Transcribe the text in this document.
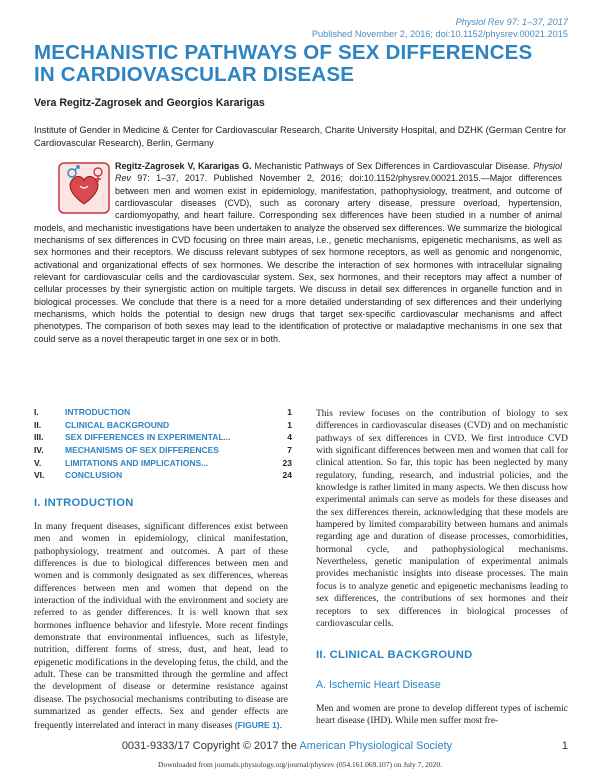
Physiol Rev 97: 1–37, 2017
Published November 2, 2016; doi:10.1152/physrev.00021.2015
MECHANISTIC PATHWAYS OF SEX DIFFERENCES
IN CARDIOVASCULAR DISEASE
Vera Regitz-Zagrosek and Georgios Kararigas
Institute of Gender in Medicine & Center for Cardiovascular Research, Charite University Hospital, and DZHK (German Centre for Cardiovascular Research), Berlin, Germany
Regitz-Zagrosek V, Kararigas G. Mechanistic Pathways of Sex Differences in Cardiovascular Disease. Physiol Rev 97: 1–37, 2017. Published November 2, 2016; doi:10.1152/physrev.00021.2015.—Major differences between men and women exist in epidemiology, manifestation, pathophysiology, treatment, and outcome of cardiovascular diseases (CVD), such as coronary artery disease, pressure overload, hypertension, cardiomyopathy, and heart failure. Corresponding sex differences have been studied in a number of animal models, and mechanistic investigations have been undertaken to analyze the observed sex differences. We summarize the biological mechanisms of sex differences in CVD focusing on three main areas, i.e., genetic mechanisms, epigenetic mechanisms, as well as sex hormones and their receptors. We discuss relevant subtypes of sex hormone receptors, as well as genomic and nongenomic, activational and organizational effects of sex hormones. We describe the interaction of sex hormones with intracellular signaling relevant for cardiovascular cells and the cardiovascular system. Sex, sex hormones, and their receptors may affect a number of cellular processes by their synergistic action on multiple targets. We discuss in detail sex differences in organelle function and in biological processes. We conclude that there is a need for a more detailed understanding of sex differences and their underlying mechanisms, which holds the potential to design new drugs that target sex-specific cardiovascular mechanisms and affect phenotypes. The comparison of both sexes may lead to the identification of protective or maladaptive mechanisms in one sex that could serve as a novel therapeutic target in one sex or in both.
I.	INTRODUCTION	1
II.	CLINICAL BACKGROUND	1
III.	SEX DIFFERENCES IN EXPERIMENTAL...	4
IV.	MECHANISMS OF SEX DIFFERENCES	7
V.	LIMITATIONS AND IMPLICATIONS...	23
VI. CONCLUSION	24
I. INTRODUCTION
In many frequent diseases, significant differences exist between men and women in epidemiology, clinical manifestation, pathophysiology, treatment and outcomes. A part of these differences is due to biological differences between men and women and is commonly designated as sex differences, whereas differences between men and women that depend on the interaction of the individual with the environment and society are referred to as gender differences. It is well known that sex hormones influence behavior and lifestyle. More recent findings demonstrate that environmental influences, such as lifestyle, nutrition, different forms of stress, dust, and heat, lead to epigenetic modifications in the developing fetus, the child, and the adult. These can be transmitted through the germline and affect the development of disease or determine resistance against disease. The psychosocial mechanisms contributing to disease are summarized as gender effects. Sex and gender effects are frequently interrelated and interact in many diseases (FIGURE 1).
This review focuses on the contribution of biology to sex differences in cardiovascular diseases (CVD) and on mechanistic pathways of sex differences in CVD. We first introduce CVD with significant differences between men and women that call for clinical attention. So far, this topic has been neglected by many regulatory, funding, research, and industrial policies, and the knowledge is rather limited in many aspects. We then discuss how experimental animals can serve as models for these diseases and the sex differences therein, acknowledging that these models are hampered by limited comparability between humans and animals regarding age and duration of disease processes, comorbidities, hormonal cycle, and pathophysiological mechanisms. Nevertheless, genetic manipulation of experimental animals provides mechanistic insights into disease processes. The main focus is to analyze genetic and epigenetic mechanisms leading to sex differences, the contributions of sex hormones and their receptors to sex differences in biological processes of cardiovascular cells.
II. CLINICAL BACKGROUND
A. Ischemic Heart Disease
Men and women are prone to develop different types of ischemic heart disease (IHD). While men suffer most fre-
0031-9333/17 Copyright © 2017 the American Physiological Society	1
Downloaded from journals.physiology.org/journal/physrev (054.161.069.107) on July 7, 2020.
